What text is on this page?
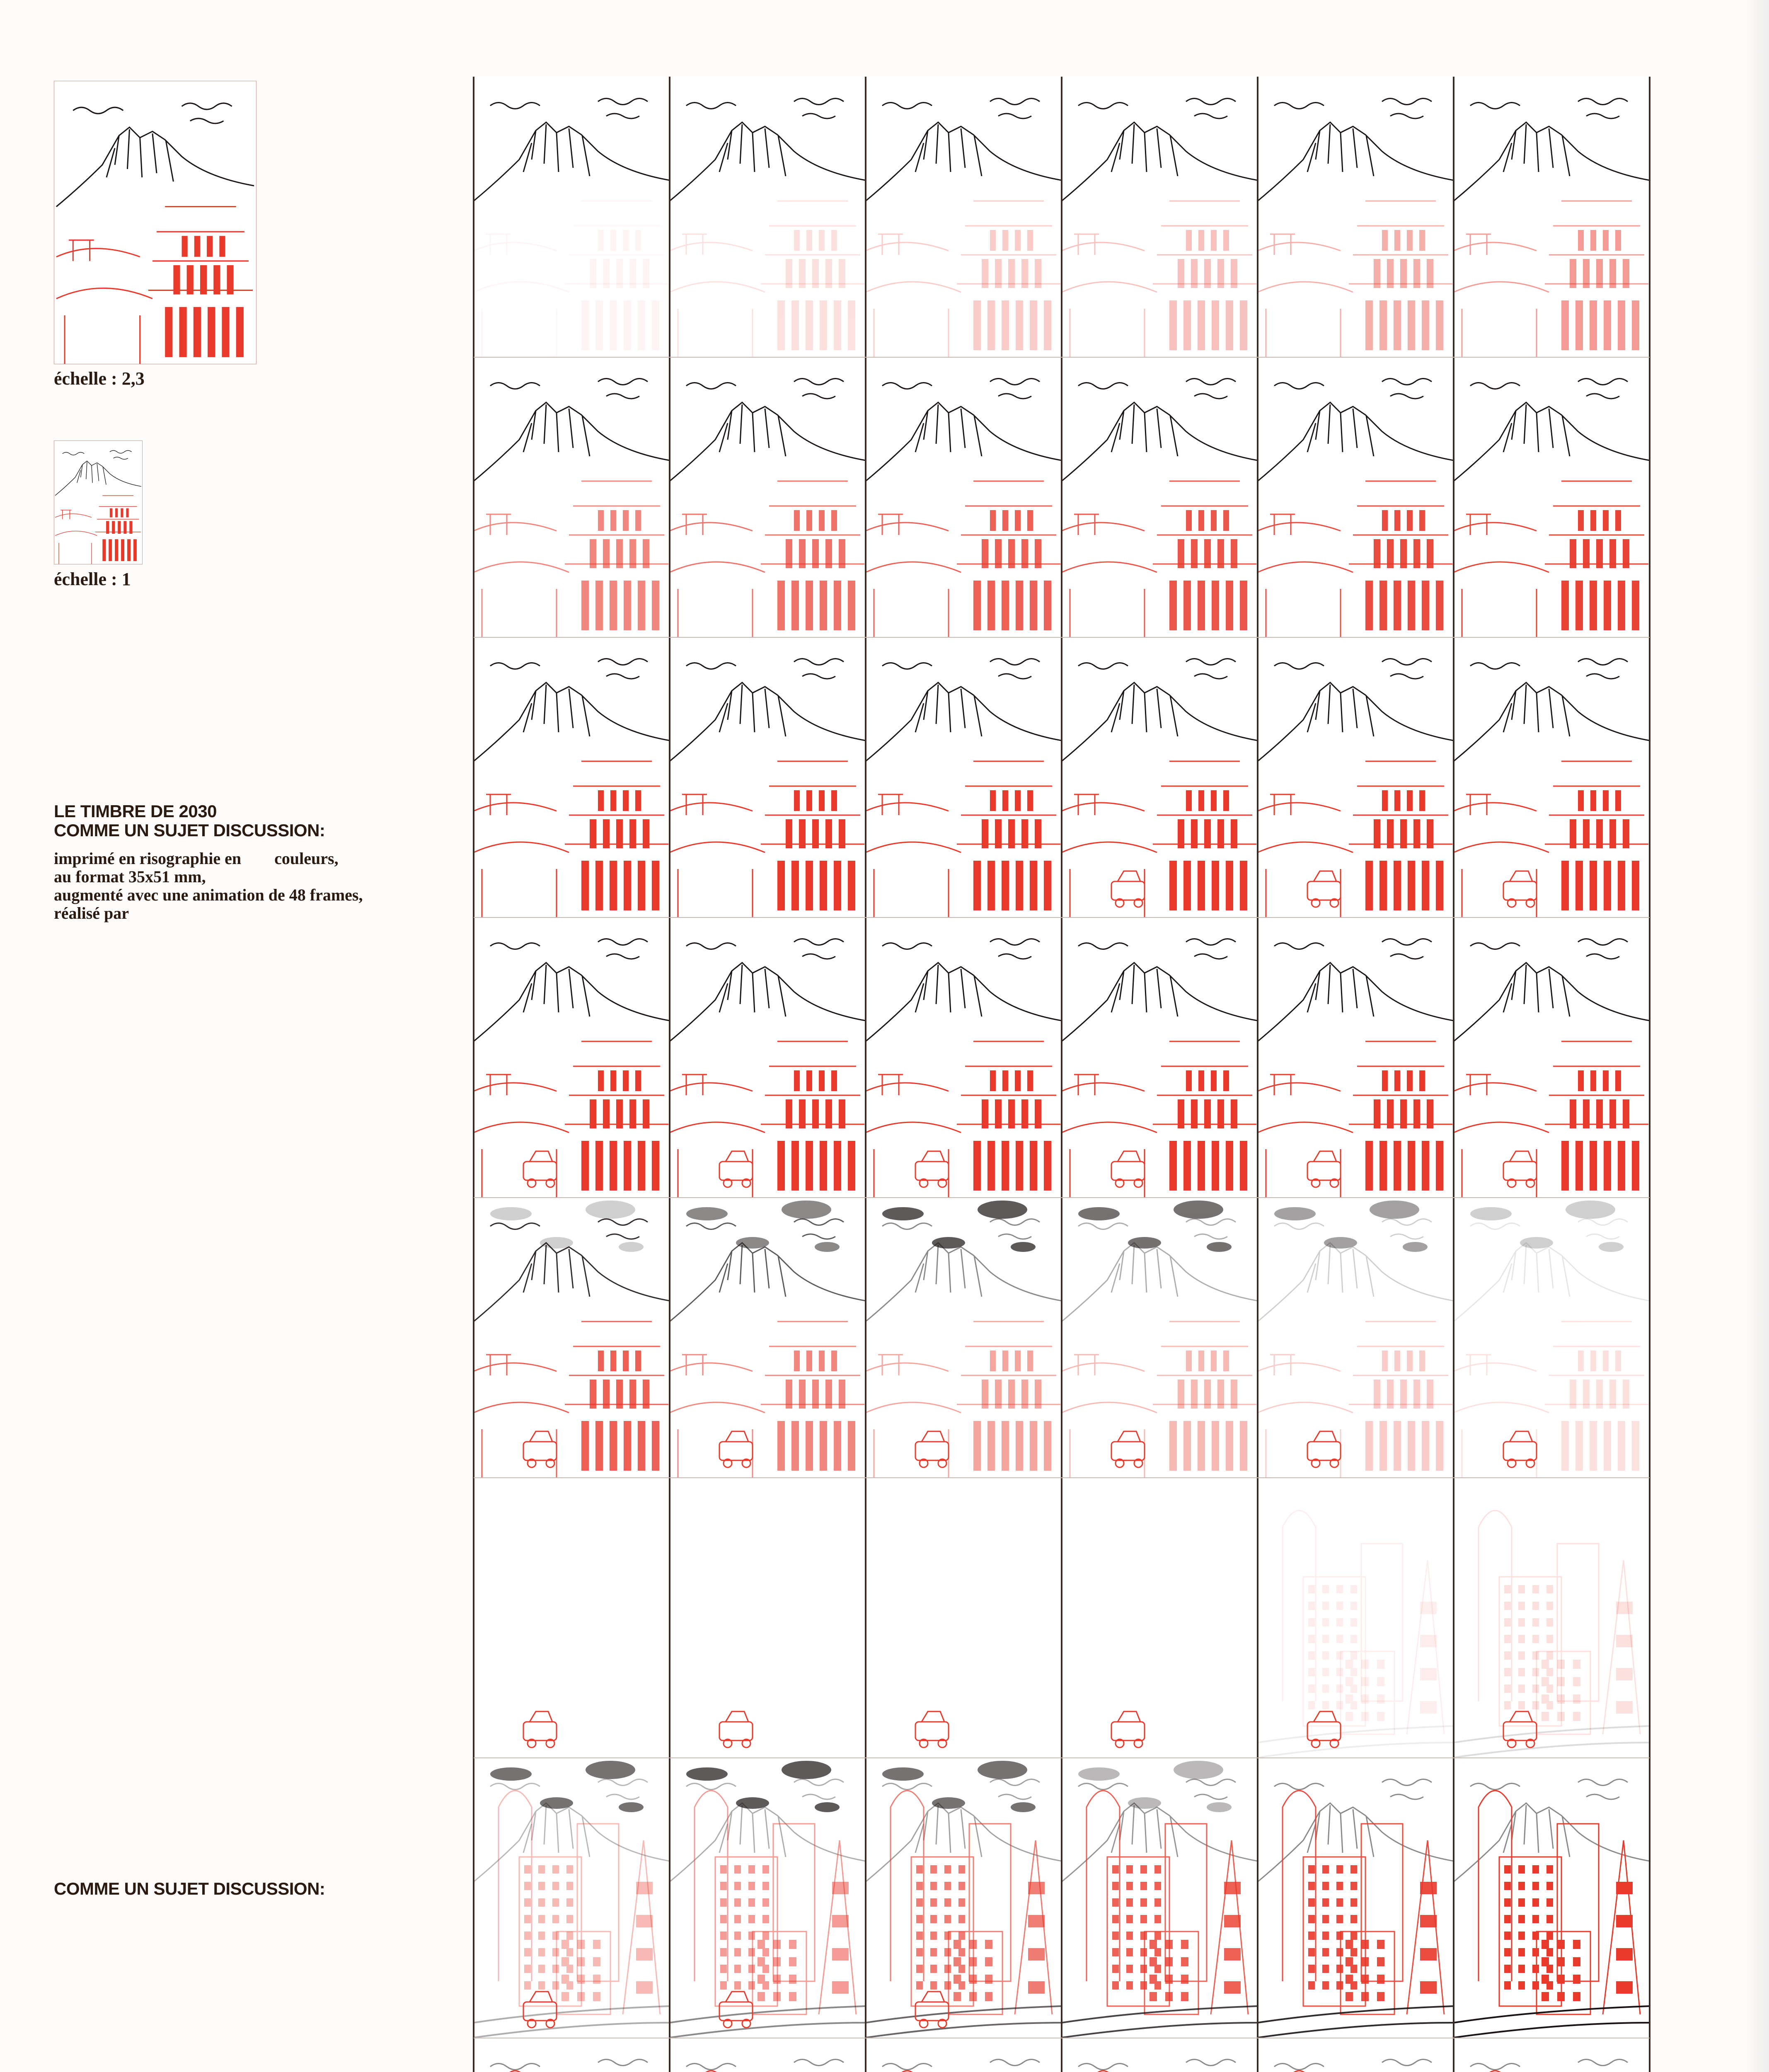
échelle : 2,3
échelle : 1
LE TIMBRE DE 2030
COMME UN SUJET DISCUSSION:
imprimé en risographie en        couleurs,
au format 35x51 mm,
augmenté avec une animation de 48 frames,
réalisé par
COMME UN SUJET DISCUSSION:
